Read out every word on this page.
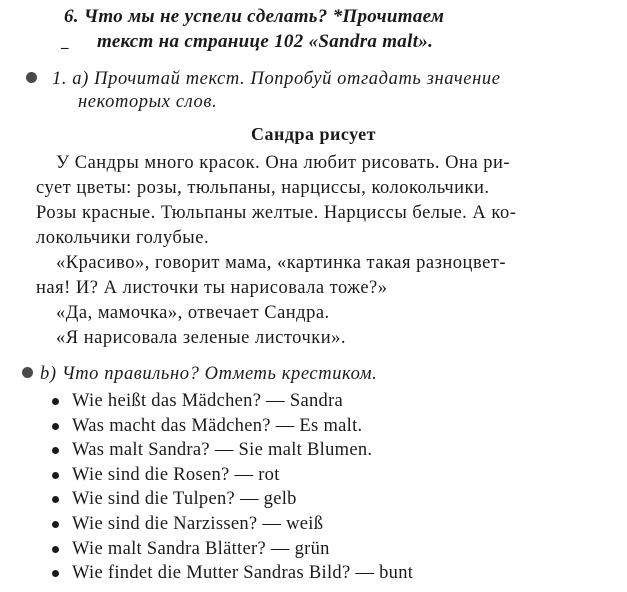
_
6. Что мы не успели сделать? *Прочитаем
текст на странице 102 «Sandra malt».
1. a) Прочитай текст. Попробуй отгадать значение
некоторых слов.
Сандра рисует
У Сандры много красок. Она любит рисовать. Она ри-
сует цветы: розы, тюльпаны, нарциссы, колокольчики.
Розы красные. Тюльпаны желтые. Нарциссы белые. А ко-
локольчики голубые.
«Красиво», говорит мама, «картинка такая разноцвет-
ная! И? А листочки ты нарисовала тоже?»
«Да, мамочка», отвечает Сандра.
«Я нарисовала зеленые листочки».
b) Что правильно? Отметь крестиком.
Wie heißt das Mädchen? — Sandra
Was macht das Mädchen? — Es malt.
Was malt Sandra? — Sie malt Blumen.
Wie sind die Rosen? — rot
Wie sind die Tulpen? — gelb
Wie sind die Narzissen? — weiß
Wie malt Sandra Blätter? — grün
Wie findet die Mutter Sandras Bild? — bunt
